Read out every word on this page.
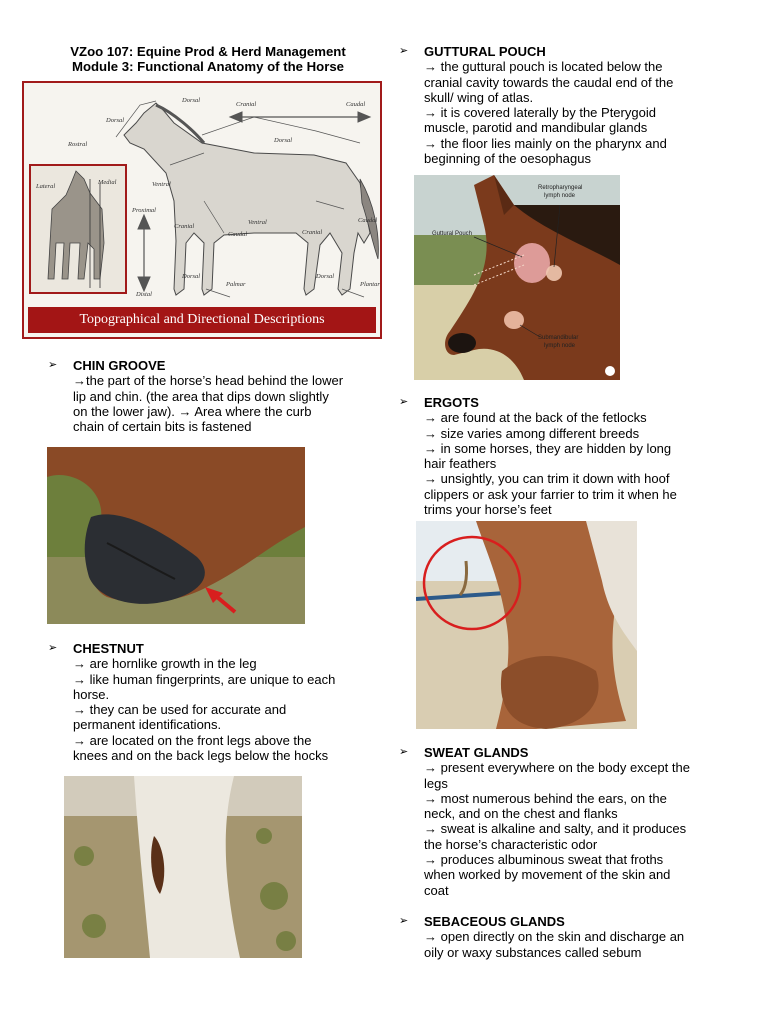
VZoo 107: Equine Prod & Herd Management
Module 3: Functional Anatomy of the Horse
Dorsal
Cranial	Caudal
Dorsal
Rostral
Dorsal
Ventral
Lateral
Medial
Proximal
Cranial
Caudal
Ventral
Cranial
Caudal
Dorsal
Palmar
Dorsal
Plantar
Distal
Topographical and Directional Descriptions
➢ CHIN GROOVE
→the part of the horse’s head behind the lower
lip and chin. (the area that dips down slightly
on the lower jaw). → Area where the curb
chain of certain bits is fastened
➢ CHESTNUT
→ are hornlike growth in the leg
→ like human fingerprints, are unique to each
horse.
→ they can be used for accurate and
permanent identifications.
→ are located on the front legs above the
knees and on the back legs below the hocks
➢ GUTTURAL POUCH
→ the guttural pouch is located below the
cranial cavity towards the caudal end of the
skull/ wing of atlas.
→ it is covered laterally by the Pterygoid
muscle, parotid and mandibular glands
→ the floor lies mainly on the pharynx and
beginning of the oesophagus
Retropharyngeal
lymph node
Guttural Pouch
Submandibular
lymph node
➢ ERGOTS
→ are found at the back of the fetlocks
→ size varies among different breeds
→ in some horses, they are hidden by long
hair feathers
→ unsightly, you can trim it down with hoof
clippers or ask your farrier to trim it when he
trims your horse’s feet
➢ SWEAT GLANDS
→ present everywhere on the body except the
legs
→ most numerous behind the ears, on the
neck, and on the chest and flanks
→ sweat is alkaline and salty, and it produces
the horse’s characteristic odor
→ produces albuminous sweat that froths
when worked by movement of the skin and
coat
➢ SEBACEOUS GLANDS
→ open directly on the skin and discharge an
oily or waxy substances called sebum
